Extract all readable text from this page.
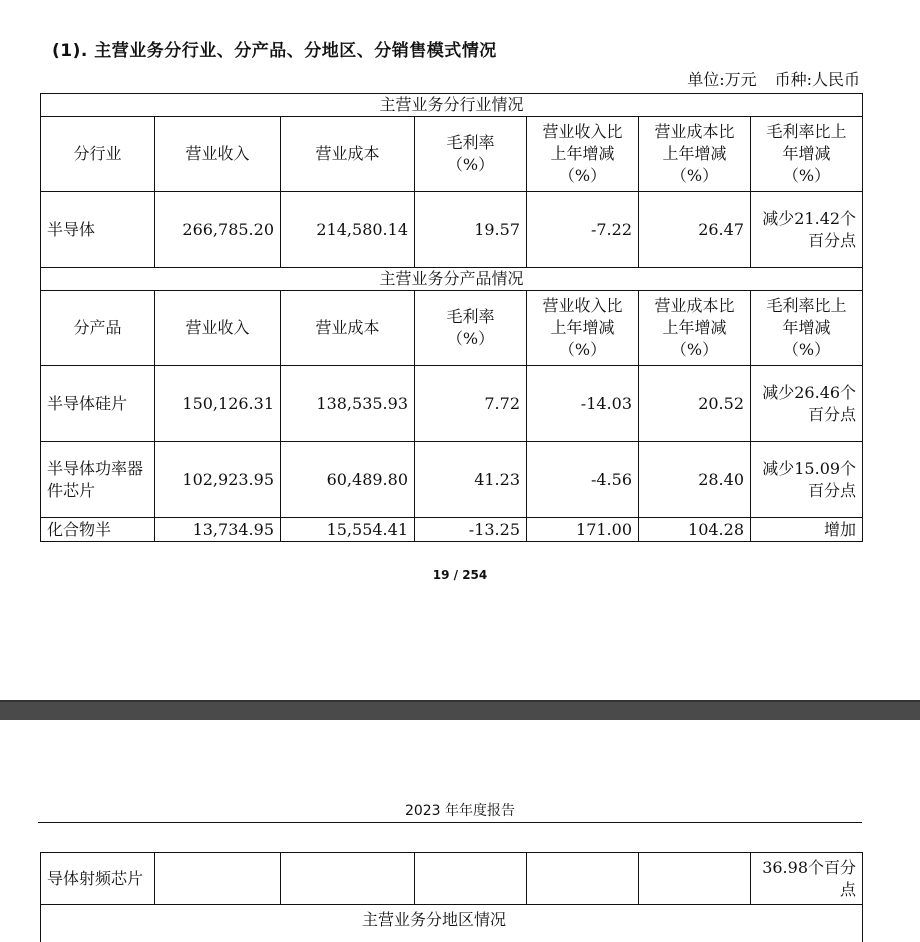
(1). 主营业务分行业、分产品、分地区、分销售模式情况
单位:万元 币种:人民币
主营业务分行业情况						
分行业	营业收入	营业成本	毛利率（%）	营业收入比上年增减（%）	营业成本比上年增减（%）	毛利率比上年增减（%）
半导体	266,785.20	214,580.14	19.57	-7.22	26.47	减少21.42个百分点
主营业务分产品情况						
分产品	营业收入	营业成本	毛利率（%）	营业收入比上年增减（%）	营业成本比上年增减（%）	毛利率比上年增减（%）
半导体硅片	150,126.31	138,535.93	7.72	-14.03	20.52	减少26.46个百分点
半导体功率器件芯片	102,923.95	60,489.80	41.23	-4.56	28.40	减少15.09个百分点
化合物半	13,734.95	15,554.41	-13.25	171.00	104.28	增加
19 / 254
2023 年年度报告
导体射频芯片						36.98个百分点

主营业务分地区情况
